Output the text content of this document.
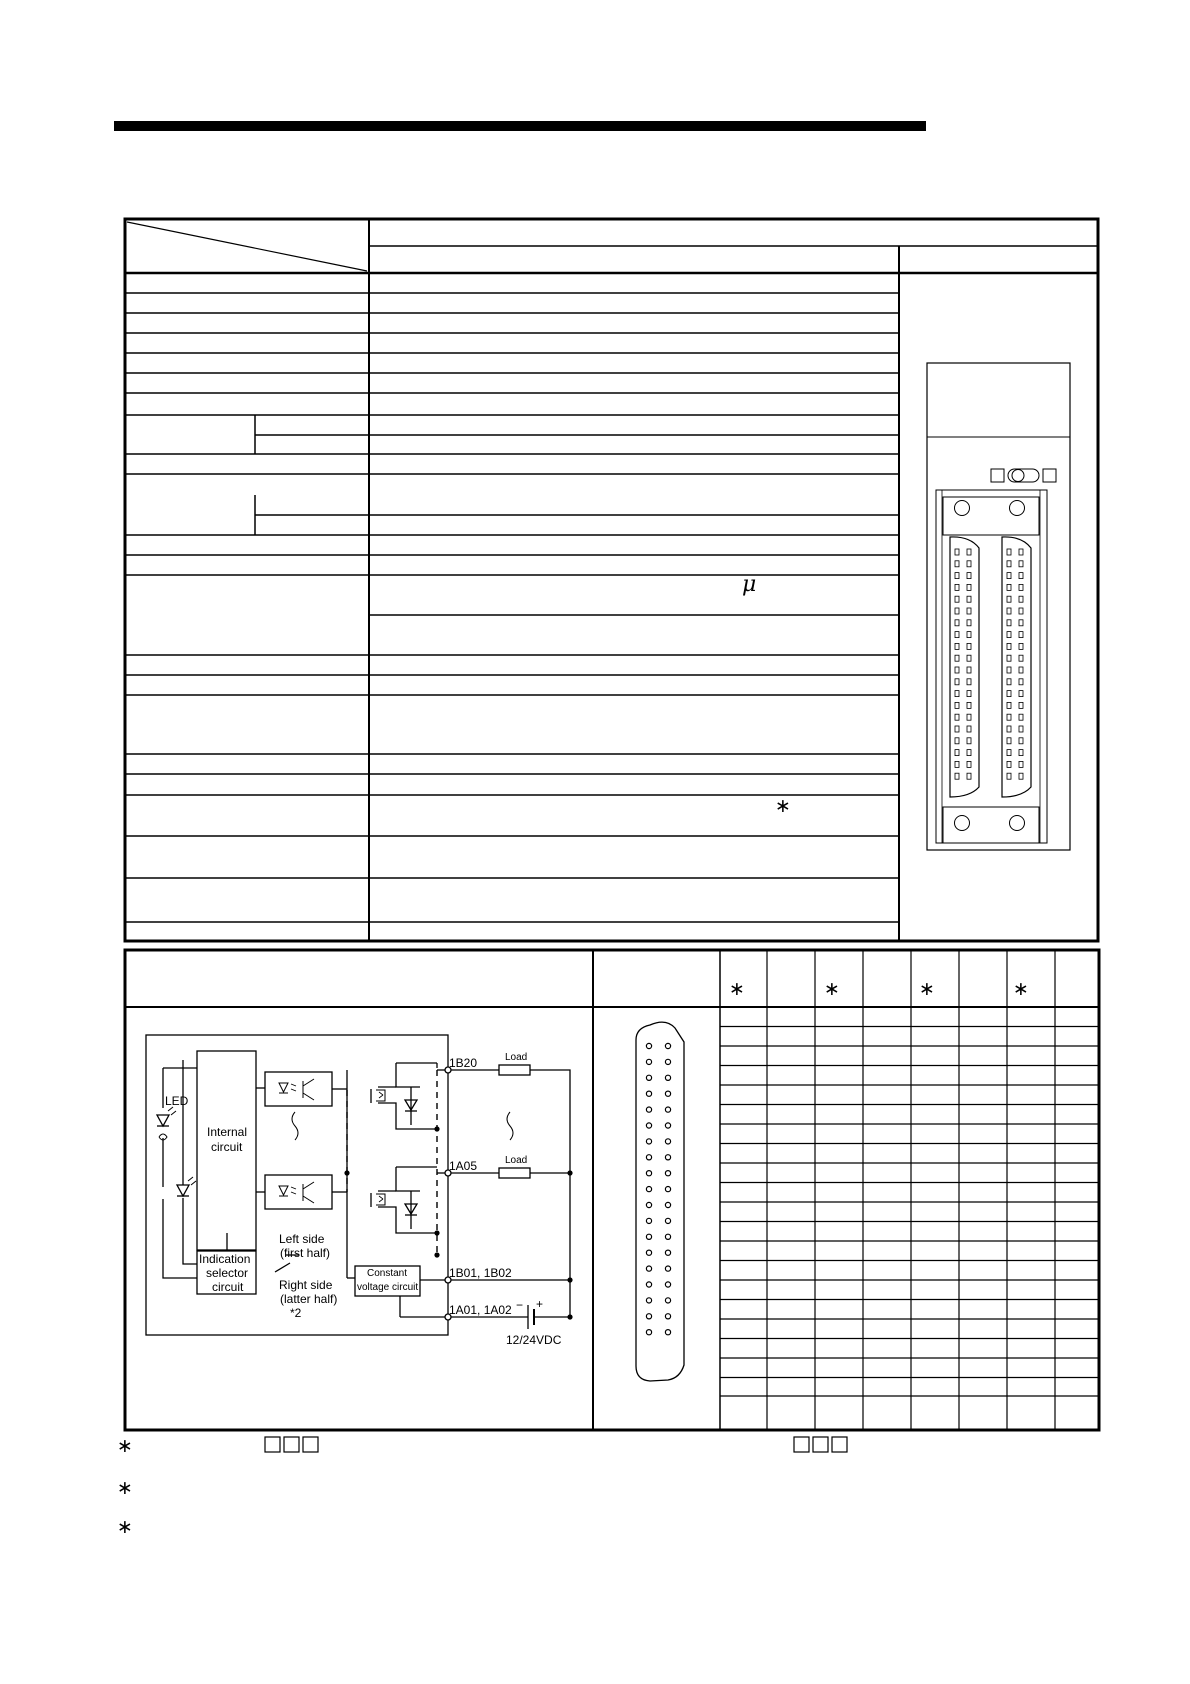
μ
∗
∗	∗	∗	∗
LED
Internal
circuit
Indication
selector
circuit
Left side
(first half)
Right side
(latter half)
*2
1B20
1A05
1B01, 1B02
1A01, 1A02
Load
Load
Constant
voltage circuit
− +
12/24VDC
∗
∗
∗
